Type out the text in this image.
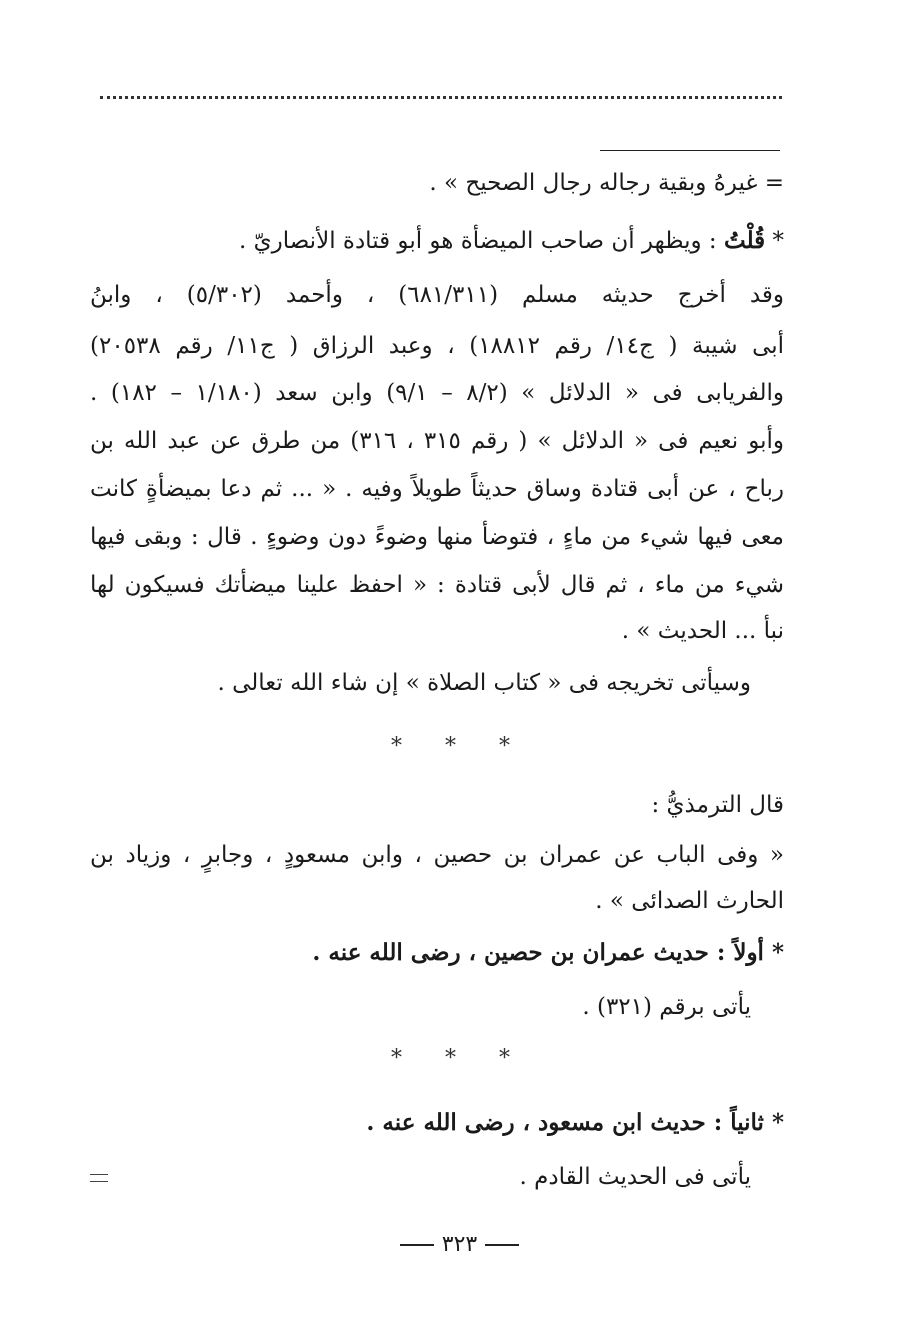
= غيرهُ وبقية رجاله رجال الصحيح » .
* قُلْتُ : ويظهر أن صاحب الميضأة هو أبو قتادة الأنصاريّ .
وقد أخرج حديثه مسلم (٦٨١/٣١١) ، وأحمد (٥/٣٠٢) ، وابنُ
أبى شيبة ( ج١٤/ رقم ١٨٨١٢) ، وعبد الرزاق ( ج١١/ رقم ٢٠٥٣٨)
والفريابى فى « الدلائل » (٨/٢ – ٩/١) وابن سعد (١/١٨٠ – ١٨٢) .
وأبو نعيم فى « الدلائل » ( رقم ٣١٥ ، ٣١٦) من طرق عن عبد الله بن
رباح ، عن أبى قتادة وساق حديثاً طويلاً وفيه . « ... ثم دعا بميضأةٍ كانت
معى فيها شيء من ماءٍ ، فتوضأ منها وضوءً دون وضوءٍ . قال : وبقى فيها
شيء من ماء ، ثم قال لأبى قتادة : « احفظ علينا ميضأتك فسيكون لها
نبأ ... الحديث » .
وسيأتى تخريجه فى « كتاب الصلاة » إن شاء الله تعالى .
* * *
قال الترمذيُّ :
« وفى الباب عن عمران بن حصين ، وابن مسعودٍ ، وجابرٍ ، وزياد بن
الحارث الصدائى » .
* أولاً : حديث عمران بن حصين ، رضى الله عنه .
يأتى برقم (٣٢١) .
* * *
* ثانياً : حديث ابن مسعود ، رضى الله عنه .
يأتى فى الحديث القادم .
٣٢٣
